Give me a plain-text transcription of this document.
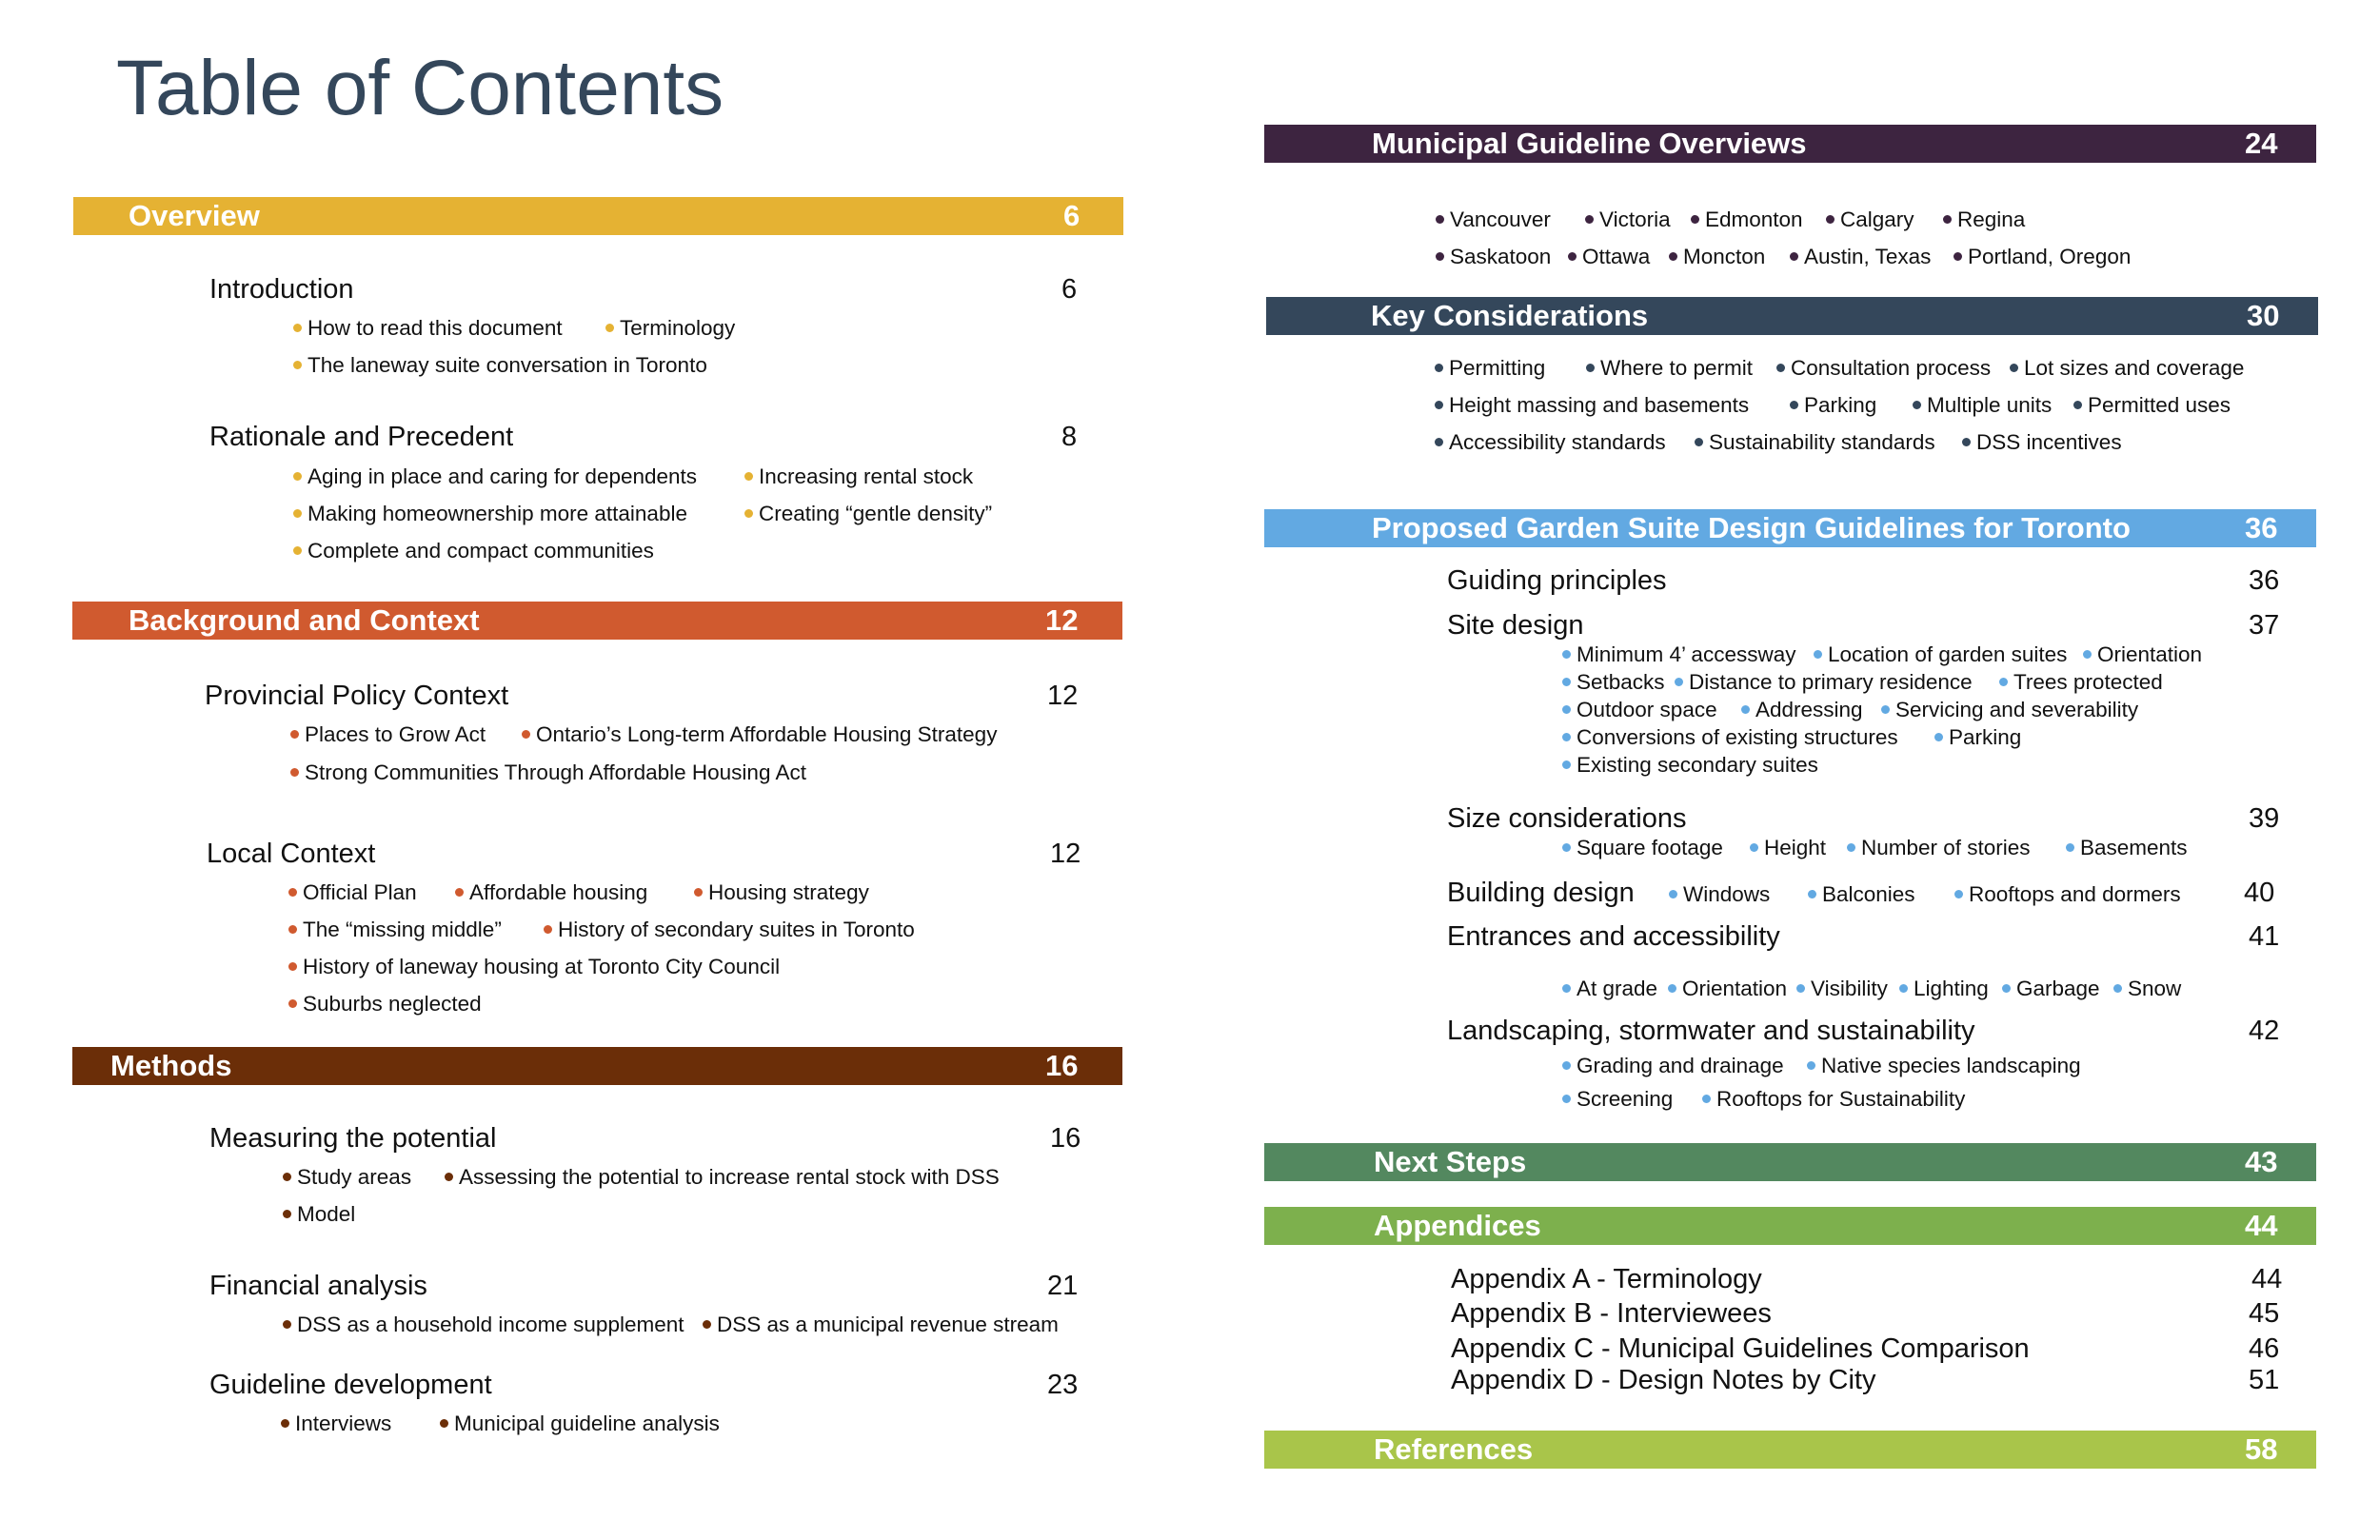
Table of Contents
Overview	6
Introduction	6
How to read this document	Terminology
The laneway suite conversation in Toronto
Rationale and Precedent	8
Aging in place and caring for dependents	Increasing rental stock
Making homeownership more attainable	Creating “gentle density”
Complete and compact communities
Background and Context	12
Provincial Policy Context	12
Places to Grow Act	Ontario’s Long-term Affordable Housing Strategy
Strong Communities Through Affordable Housing Act
Local Context	12
Official Plan	Affordable housing	Housing strategy
The “missing middle”	History of secondary suites in Toronto
History of laneway housing at Toronto City Council
Suburbs neglected
Methods	16
Measuring the potential	16
Study areas	Assessing the potential to increase rental stock with DSS
Model
Financial analysis	21
DSS as a household income supplement	DSS as a municipal revenue stream
Guideline development	23
Interviews	Municipal guideline analysis
Municipal Guideline Overviews	24
Vancouver	Victoria	Edmonton	Calgary	Regina
Saskatoon	Ottawa	Moncton	Austin, Texas	Portland, Oregon
Key Considerations	30
Permitting	Where to permit	Consultation process	Lot sizes and coverage
Height massing and basements	Parking	Multiple units	Permitted uses
Accessibility standards	Sustainability standards	DSS incentives
Proposed Garden Suite Design Guidelines for Toronto	36
Guiding principles	36
Site design	37
Minimum 4’ accessway	Location of garden suites	Orientation
Setbacks	Distance to primary residence	Trees protected
Outdoor space	Addressing	Servicing and severability
Conversions of existing structures	Parking
Existing secondary suites
Size considerations	39
Square footage	Height	Number of stories	Basements
Building design	40
Windows	Balconies	Rooftops and dormers
Entrances and accessibility	41
At grade	Orientation	Visibility	Lighting	Garbage	Snow
Landscaping, stormwater and sustainability	42
Grading and drainage	Native species landscaping
Screening	Rooftops for Sustainability
Next Steps	43
Appendices	44
Appendix A - Terminology	44
Appendix B - Interviewees	45
Appendix C - Municipal Guidelines Comparison	46
Appendix D - Design Notes by City	51
References	58
